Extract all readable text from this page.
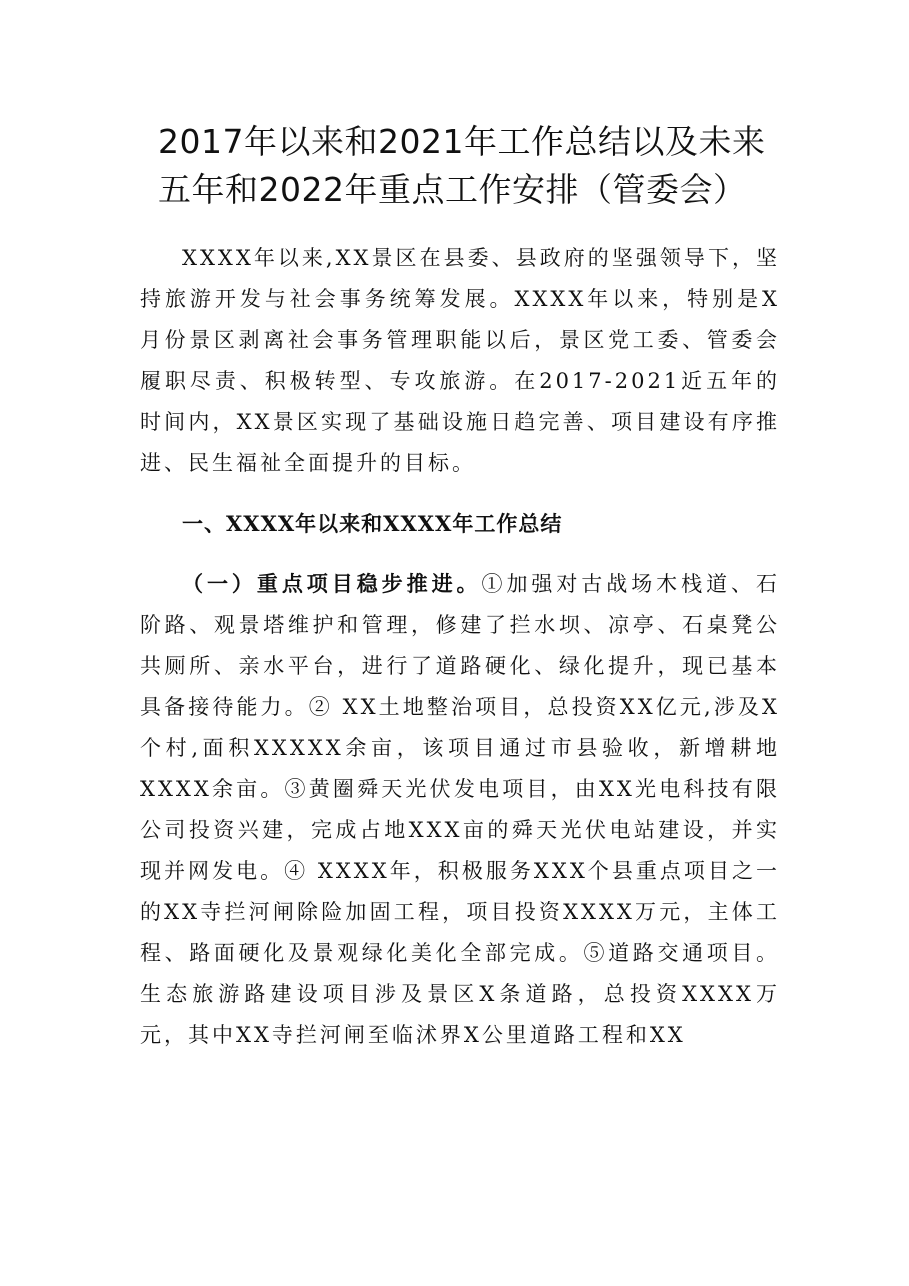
2017年以来和2021年工作总结以及未来
五年和2022年重点工作安排（管委会）

XXXX年以来,XX景区在县委、县政府的坚强领导下，坚持旅游开发与社会事务统筹发展。XXXX年以来，特别是X月份景区剥离社会事务管理职能以后，景区党工委、管委会履职尽责、积极转型、专攻旅游。在2017-2021近五年的时间内，XX景区实现了基础设施日趋完善、项目建设有序推进、民生福祉全面提升的目标。

一、XXXX年以来和XXXX年工作总结

（一）重点项目稳步推进。①加强对古战场木栈道、石阶路、观景塔维护和管理，修建了拦水坝、凉亭、石桌凳公共厕所、亲水平台，进行了道路硬化、绿化提升，现已基本具备接待能力。② XX土地整治项目，总投资XX亿元,涉及X个村,面积XXXXX余亩，该项目通过市县验收，新增耕地XXXX余亩。③黄圈舜天光伏发电项目，由XX光电科技有限公司投资兴建，完成占地XXX亩的舜天光伏电站建设，并实现并网发电。④ XXXX年，积极服务XXX个县重点项目之一的XX寺拦河闸除险加固工程，项目投资XXXX万元，主体工程、路面硬化及景观绿化美化全部完成。⑤道路交通项目。生态旅游路建设项目涉及景区X条道路，总投资XXXX万元，其中XX寺拦河闸至临沭界X公里道路工程和XX
